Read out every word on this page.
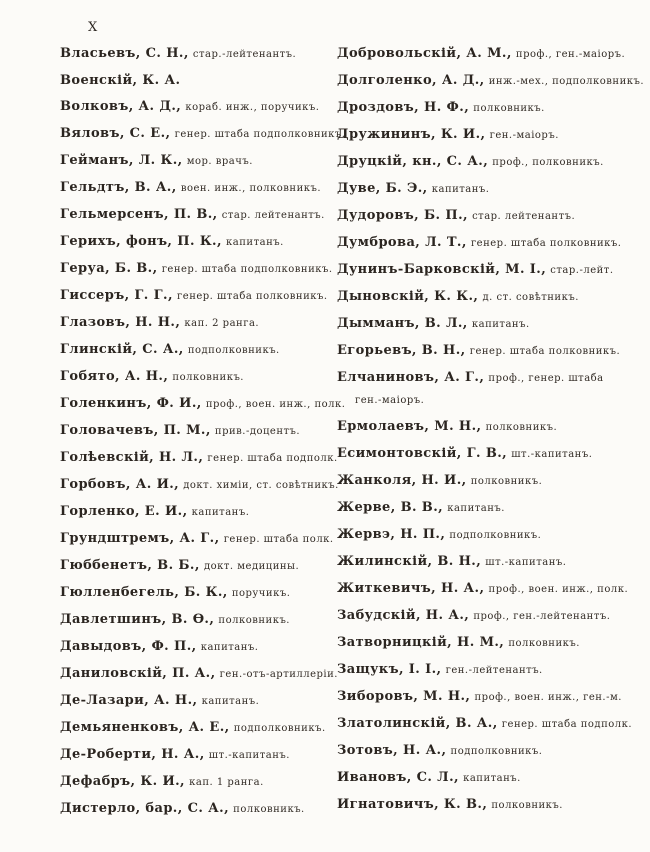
X
Власьевъ, С. Н., стар.-лейтенантъ.
Военскій, К. А.
Волковъ, А. Д., кораб. инж., поручикъ.
Вяловъ, С. Е., генер. штаба подполковникъ.
Гейманъ, Л. К., мор. врачъ.
Гельдтъ, В. А., воен. инж., полковникъ.
Гельмерсенъ, П. В., стар. лейтенантъ.
Герихъ, фонъ, П. К., капитанъ.
Геруа, Б. В., генер. штаба подполковникъ.
Гиссеръ, Г. Г., генер. штаба полковникъ.
Глазовъ, Н. Н., кап. 2 ранга.
Глинскій, С. А., подполковникъ.
Гобято, А. Н., полковникъ.
Голенкинъ, Ф. И., проф., воен. инж., полк.
Головачевъ, П. М., прив.-доцентъ.
Голѣевскій, Н. Л., генер. штаба подполк.
Горбовъ, А. И., докт. химіи, ст. совѣтникъ.
Горленко, Е. И., капитанъ.
Грундштремъ, А. Г., генер. штаба полк.
Гюббенетъ, В. Б., докт. медицины.
Гюлленбегель, Б. К., поручикъ.
Давлетшинъ, В. Ѳ., полковникъ.
Давыдовъ, Ф. П., капитанъ.
Даниловскій, П. А., ген.-отъ-артиллеріи.
Де-Лазари, А. Н., капитанъ.
Демьяненковъ, А. Е., подполковникъ.
Де-Роберти, Н. А., шт.-капитанъ.
Дефабръ, К. И., кап. 1 ранга.
Дистерло, бар., С. А., полковникъ.
Добровольскій, А. М., проф., ген.-маіоръ.
Долголенко, А. Д., инж.-мех., подполковникъ.
Дроздовъ, Н. Ф., полковникъ.
Дружининъ, К. И., ген.-маіоръ.
Друцкій, кн., С. А., проф., полковникъ.
Дуве, Б. Э., капитанъ.
Дудоровъ, Б. П., стар. лейтенантъ.
Думброва, Л. Т., генер. штаба полковникъ.
Дунинъ-Барковскій, М. І., стар.-лейт.
Дыновскій, К. К., д. ст. совѣтникъ.
Дымманъ, В. Л., капитанъ.
Егорьевъ, В. Н., генер. штаба полковникъ.
Елчаниновъ, А. Г., проф., генер. штаба
ген.-маіоръ.
Ермолаевъ, М. Н., полковникъ.
Есимонтовскій, Г. В., шт.-капитанъ.
Жанколя, Н. И., полковникъ.
Жерве, В. В., капитанъ.
Жервэ, Н. П., подполковникъ.
Жилинскій, В. Н., шт.-капитанъ.
Житкевичъ, Н. А., проф., воен. инж., полк.
Забудскій, Н. А., проф., ген.-лейтенантъ.
Затворницкій, Н. М., полковникъ.
Защукъ, І. І., ген.-лейтенантъ.
Зиборовъ, М. Н., проф., воен. инж., ген.-м.
Златолинскій, В. А., генер. штаба подполк.
Зотовъ, Н. А., подполковникъ.
Ивановъ, С. Л., капитанъ.
Игнатовичъ, К. В., полковникъ.
